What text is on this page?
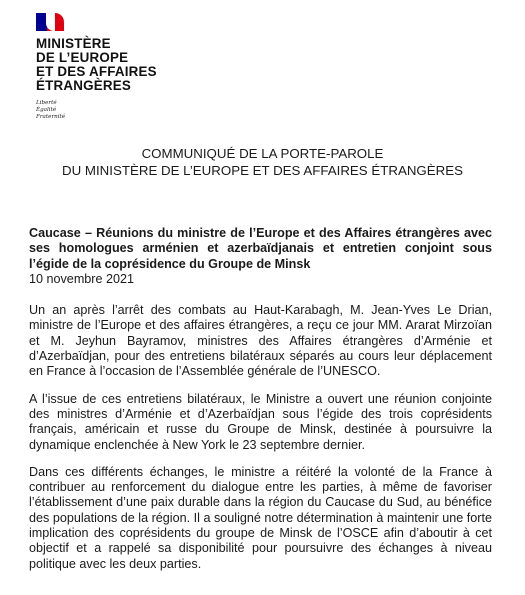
MINISTÈRE
DE L’EUROPE
ET DES AFFAIRES
ÉTRANGÈRES
Liberté
Égalité
Fraternité
COMMUNIQUÉ DE LA PORTE-PAROLE
DU MINISTÈRE DE L’EUROPE ET DES AFFAIRES ÉTRANGÈRES

Caucase – Réunions du ministre de l’Europe et des Affaires étrangères avec ses homologues arménien et azerbaïdjanais et entretien conjoint sous l’égide de la coprésidence du Groupe de Minsk

10 novembre 2021

Un an après l’arrêt des combats au Haut-Karabagh, M. Jean-Yves Le Drian, ministre de l’Europe et des affaires étrangères, a reçu ce jour MM. Ararat Mirzoïan et M. Jeyhun Bayramov, ministres des Affaires étrangères d’Arménie et d’Azerbaïdjan, pour des entretiens bilatéraux séparés au cours leur déplacement en France à l’occasion de l’Assemblée générale de l’UNESCO.

A l’issue de ces entretiens bilatéraux, le Ministre a ouvert une réunion conjointe des ministres d’Arménie et d’Azerbaïdjan sous l’égide des trois coprésidents français, américain et russe du Groupe de Minsk, destinée à poursuivre la dynamique enclenchée à New York le 23 septembre dernier.

Dans ces différents échanges, le ministre a réitéré la volonté de la France à contribuer au renforcement du dialogue entre les parties, à même de favoriser l’établissement d’une paix durable dans la région du Caucase du Sud, au bénéfice des populations de la région. Il a souligné notre détermination à maintenir une forte implication des coprésidents du groupe de Minsk de l’OSCE afin d’aboutir à cet objectif et a rappelé sa disponibilité pour poursuivre des échanges à niveau politique avec les deux parties.
